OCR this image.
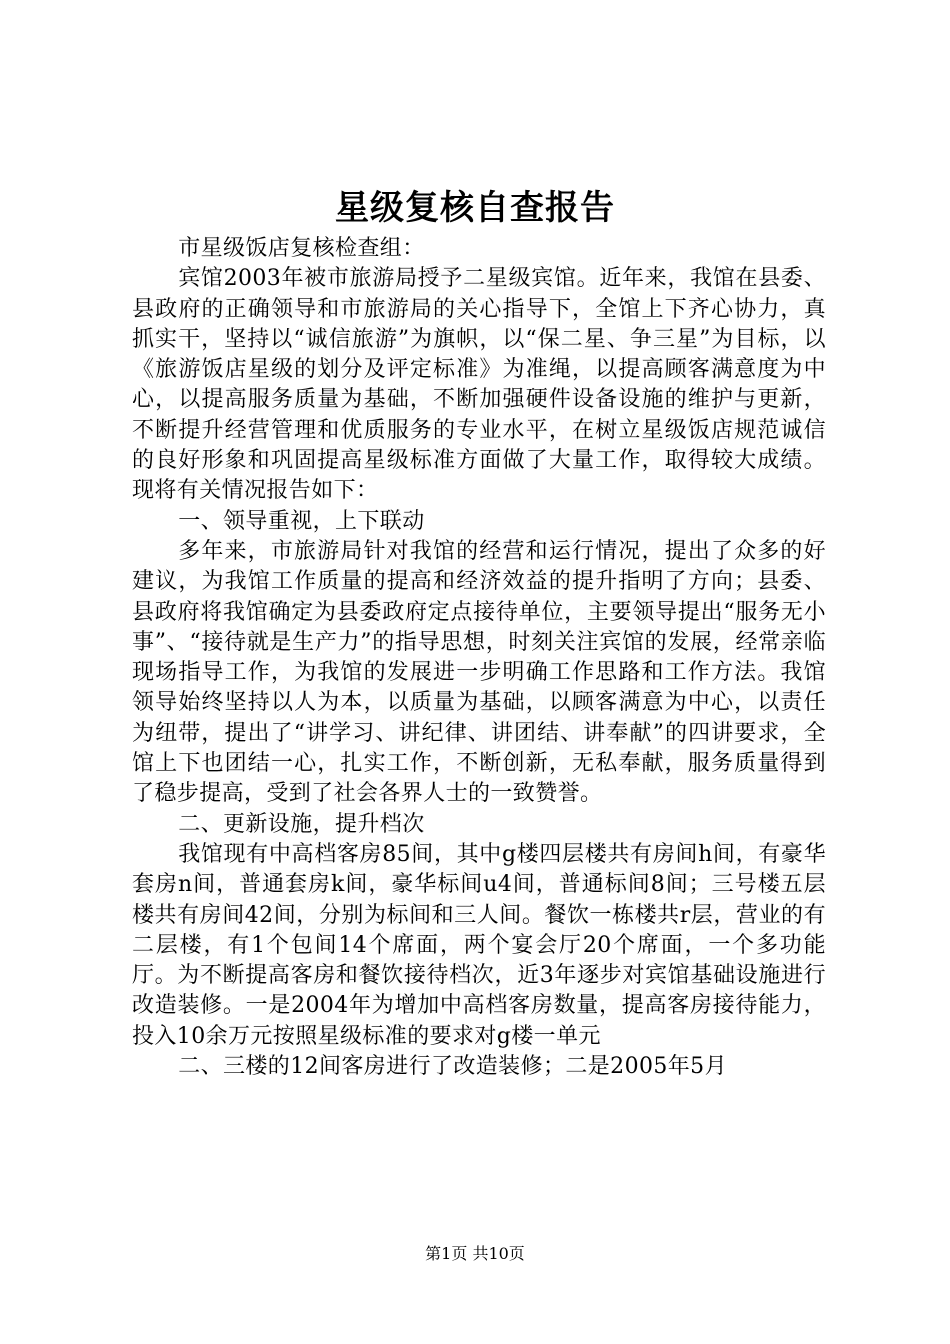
星级复核自查报告

市星级饭店复核检查组：

宾馆2003年被市旅游局授予二星级宾馆。近年来，我馆在县委、县政府的正确领导和市旅游局的关心指导下，全馆上下齐心协力，真抓实干，坚持以“诚信旅游”为旗帜，以“保二星、争三星”为目标，以《旅游饭店星级的划分及评定标准》为准绳，以提高顾客满意度为中心，以提高服务质量为基础，不断加强硬件设备设施的维护与更新，不断提升经营管理和优质服务的专业水平，在树立星级饭店规范诚信的良好形象和巩固提高星级标准方面做了大量工作，取得较大成绩。现将有关情况报告如下：

一、领导重视，上下联动

多年来，市旅游局针对我馆的经营和运行情况，提出了众多的好建议，为我馆工作质量的提高和经济效益的提升指明了方向；县委、县政府将我馆确定为县委政府定点接待单位，主要领导提出“服务无小事”、“接待就是生产力”的指导思想，时刻关注宾馆的发展，经常亲临现场指导工作，为我馆的发展进一步明确工作思路和工作方法。我馆领导始终坚持以人为本，以质量为基础，以顾客满意为中心，以责任为纽带，提出了“讲学习、讲纪律、讲团结、讲奉献”的四讲要求，全馆上下也团结一心，扎实工作，不断创新，无私奉献，服务质量得到了稳步提高，受到了社会各界人士的一致赞誉。

二、更新设施，提升档次

我馆现有中高档客房85间，其中g楼四层楼共有房间h间，有豪华套房n间，普通套房k间，豪华标间u4间，普通标间8间；三号楼五层楼共有房间42间，分别为标间和三人间。餐饮一栋楼共r层，营业的有二层楼，有1个包间14个席面，两个宴会厅20个席面，一个多功能厅。为不断提高客房和餐饮接待档次，近3年逐步对宾馆基础设施进行改造装修。一是2004年为增加中高档客房数量，提高客房接待能力，投入10余万元按照星级标准的要求对g楼一单元

二、三楼的12间客房进行了改造装修；二是2005年5月

第1页 共10页
